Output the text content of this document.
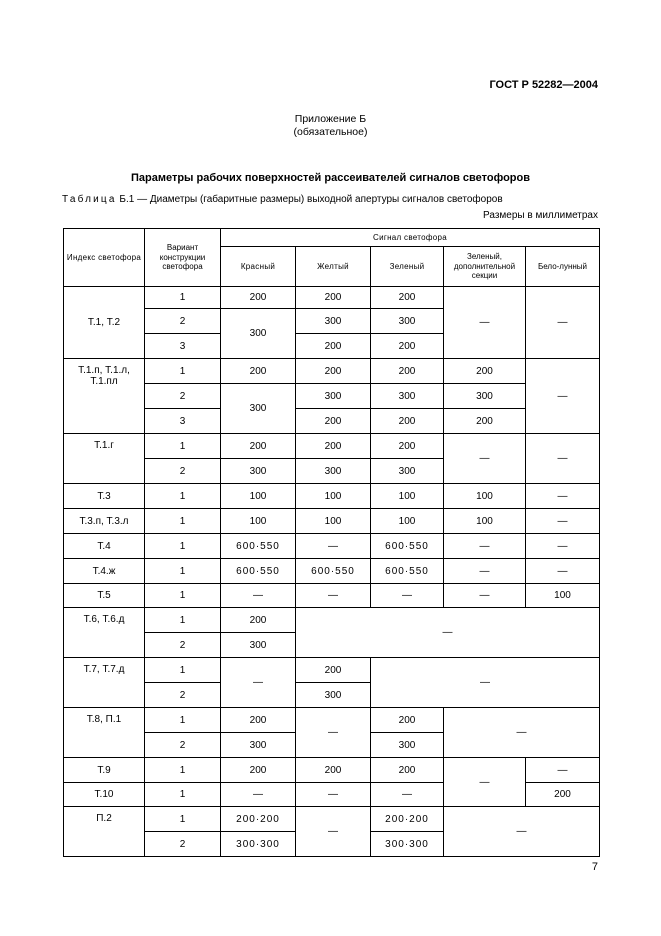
ГОСТ Р 52282—2004
Приложение Б
(обязательное)
Параметры рабочих поверхностей рассеивателей сигналов светофоров
Таблица Б.1 — Диаметры (габаритные размеры) выходной апертуры сигналов светофоров
Размеры в миллиметрах
Индекс светофора	Вариант конструкции светофора	Сигнал светофора				
		Красный	Желтый	Зеленый	Зеленый, дополнительной секции	Бело-лунный
Т.1, Т.2	1	200	200	200	—	—
	2	300	300	300		
	3		200	200		
Т.1.п, Т.1.л, Т.1.пл	1	200	200	200	200	—
	2	300	300	300	300	
	3		200	200	200	
Т.1.г	1	200	200	200	—	—
	2	300	300	300		
Т.3	1	100	100	100	100	—
Т.3.п, Т.3.л	1	100	100	100	100	—
Т.4	1	600·550	—	600·550	—	—
Т.4.ж	1	600·550	600·550	600·550	—	—
Т.5	1	—	—	—	—	100
Т.6, Т.6.д	1	200	—			
	2	300				
Т.7, Т.7.д	1	—	200	—		
	2		300			
Т.8, П.1	1	200	—	200	—	
	2	300		300		
Т.9	1	200	200	200	—	—
Т.10	1	—	—	—		200
П.2	1	200·200	—	200·200	—	
	2	300·300		300·300		
7
